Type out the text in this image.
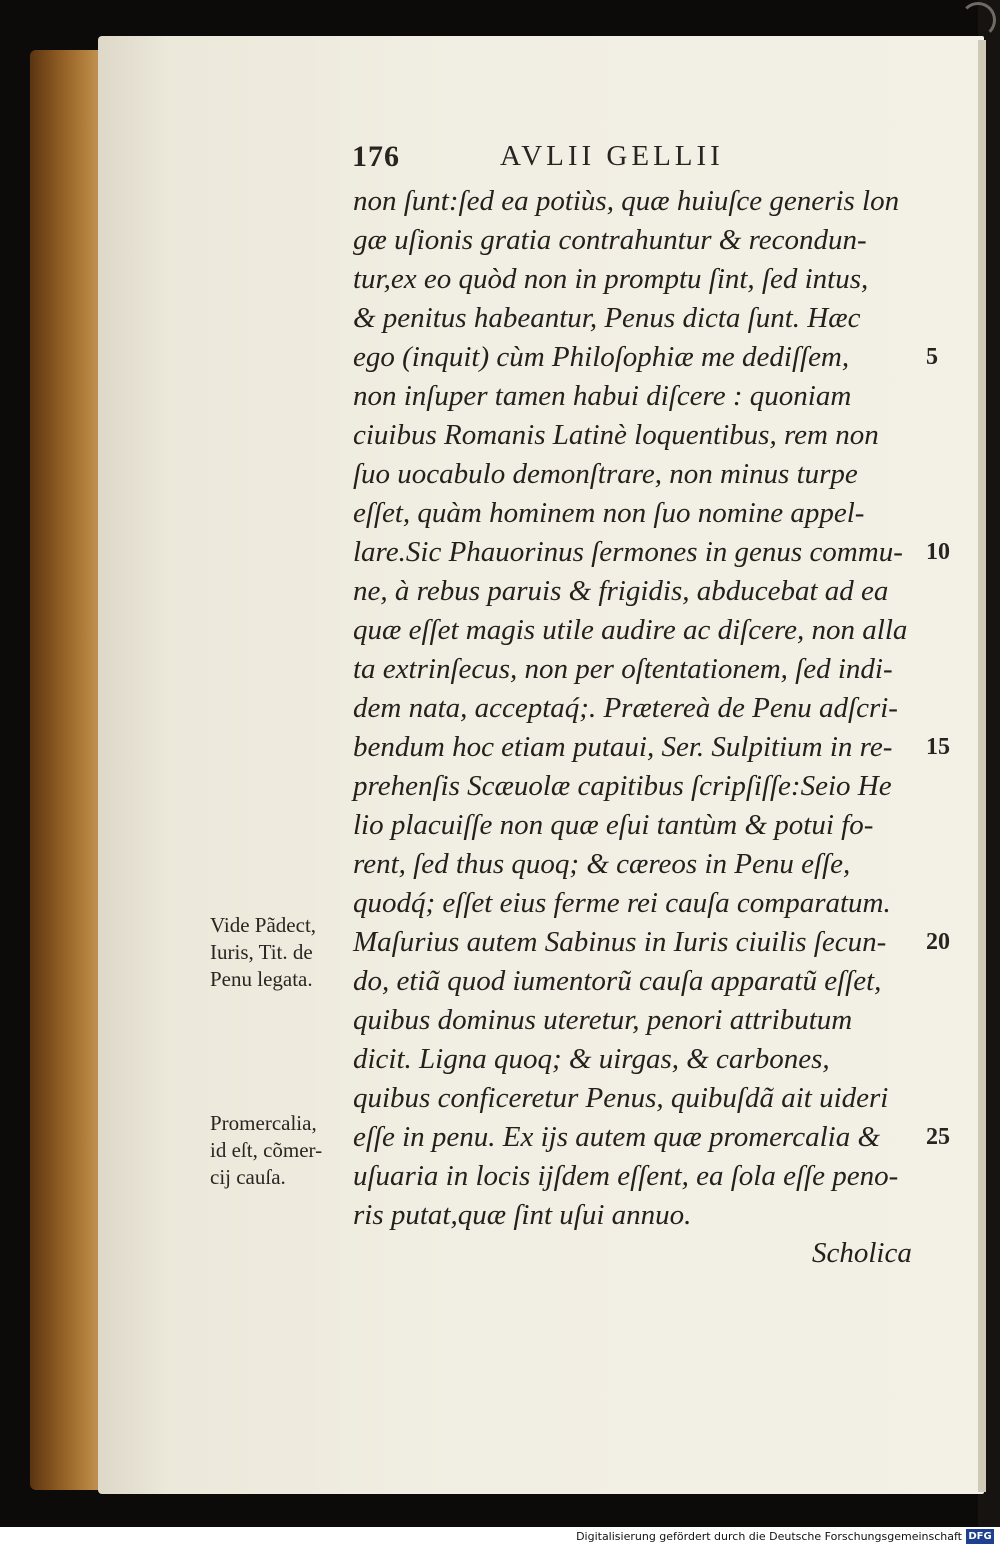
176	AVLII GELLII
non ſunt:ſed ea potiùs, quæ huiuſce generis lon
gæ uſionis gratia contrahuntur & recondun-
tur,ex eo quòd non in promptu ſint, ſed intus,
& penitus habeantur, Penus dicta ſunt. Hæc
ego (inquit) cùm Philoſophiæ me dediſſem,
non inſuper tamen habui diſcere : quoniam
ciuibus Romanis Latinè loquentibus, rem non
ſuo uocabulo demonſtrare, non minus turpe
eſſet, quàm hominem non ſuo nomine appel-
lare.Sic Phauorinus ſermones in genus commu-
ne, à rebus paruis & frigidis, abducebat ad ea
quæ eſſet magis utile audire ac diſcere, non alla
ta extrinſecus, non per oſtentationem, ſed indi-
dem nata, acceptaq́;. Prætereà de Penu adſcri-
bendum hoc etiam putaui, Ser. Sulpitium in re-
prehenſis Scæuolæ capitibus ſcripſiſſe:Seio He
lio placuiſſe non quæ eſui tantùm & potui fo-
rent, ſed thus quoq; & cæreos in Penu eſſe,
quodq́; eſſet eius ferme rei cauſa comparatum.
Maſurius autem Sabinus in Iuris ciuilis ſecun-
do, etiã quod iumentorũ cauſa apparatũ eſſet,
quibus dominus uteretur, penori attributum
dicit. Ligna quoq; & uirgas, & carbones,
quibus conficeretur Penus, quibuſdã ait uideri
eſſe in penu. Ex ijs autem quæ promercalia &
uſuaria in locis ijſdem eſſent, ea ſola eſſe peno-
ris putat,quæ ſint uſui annuo.
5
10
15
20
25
Vide Pãdect,
Iuris, Tit. de
Penu legata.
Promercalia,
id eſt, cõmer-
cij cauſa.
Scholica
Digitalisierung gefördert durch die Deutsche Forschungsgemeinschaft DFG
